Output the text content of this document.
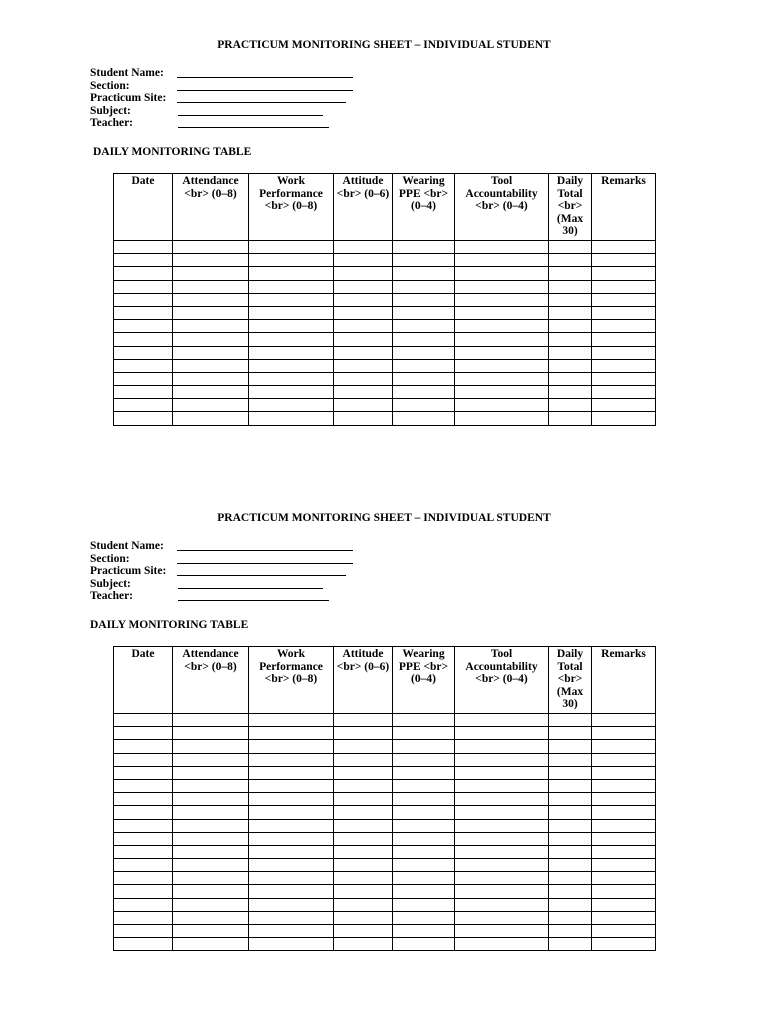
PRACTICUM MONITORING SHEET – INDIVIDUAL STUDENT
Student Name:
Section:
Practicum Site:
Subject:
Teacher:
DAILY MONITORING TABLE
Date	Attendance <br> (0–8)	Work Performance <br> (0–8)	Attitude <br> (0–6)	Wearing PPE <br> (0–4)	Tool Accountability <br> (0–4)	Daily Total <br> (Max 30)	Remarks

PRACTICUM MONITORING SHEET – INDIVIDUAL STUDENT
Student Name:
Section:
Practicum Site:
Subject:
Teacher:
DAILY MONITORING TABLE
Date	Attendance <br> (0–8)	Work Performance <br> (0–8)	Attitude <br> (0–6)	Wearing PPE <br> (0–4)	Tool Accountability <br> (0–4)	Daily Total <br> (Max 30)	Remarks
